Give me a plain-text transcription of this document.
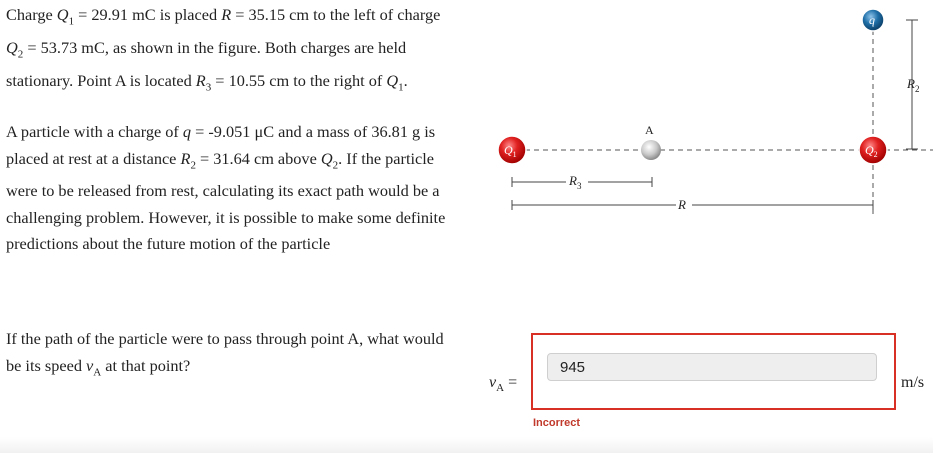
Charge $Q_1 = 29.91$ mC is placed R = 35.15 cm to the left of charge $Q_2 = 53.73$ mC, as shown in the figure. Both charges are held stationary. Point A is located $R_3 = 10.55$ cm to the right of $Q_1$.

A particle with a charge of q = -9.051 μC and a mass of 36.81 g is placed at rest at a distance $R_2 = 31.64$ cm above $Q_2$. If the particle were to be released from rest, calculating its exact path would be a challenging problem. However, it is possible to make some definite predictions about the future motion of the particle

If the path of the particle were to pass through point A, what would be its speed $v_A$ at that point?

$R_2$
$R_3$
R
$Q_1$
A
$Q_2$
q
$v_A$ =
945
m/s
Incorrect
